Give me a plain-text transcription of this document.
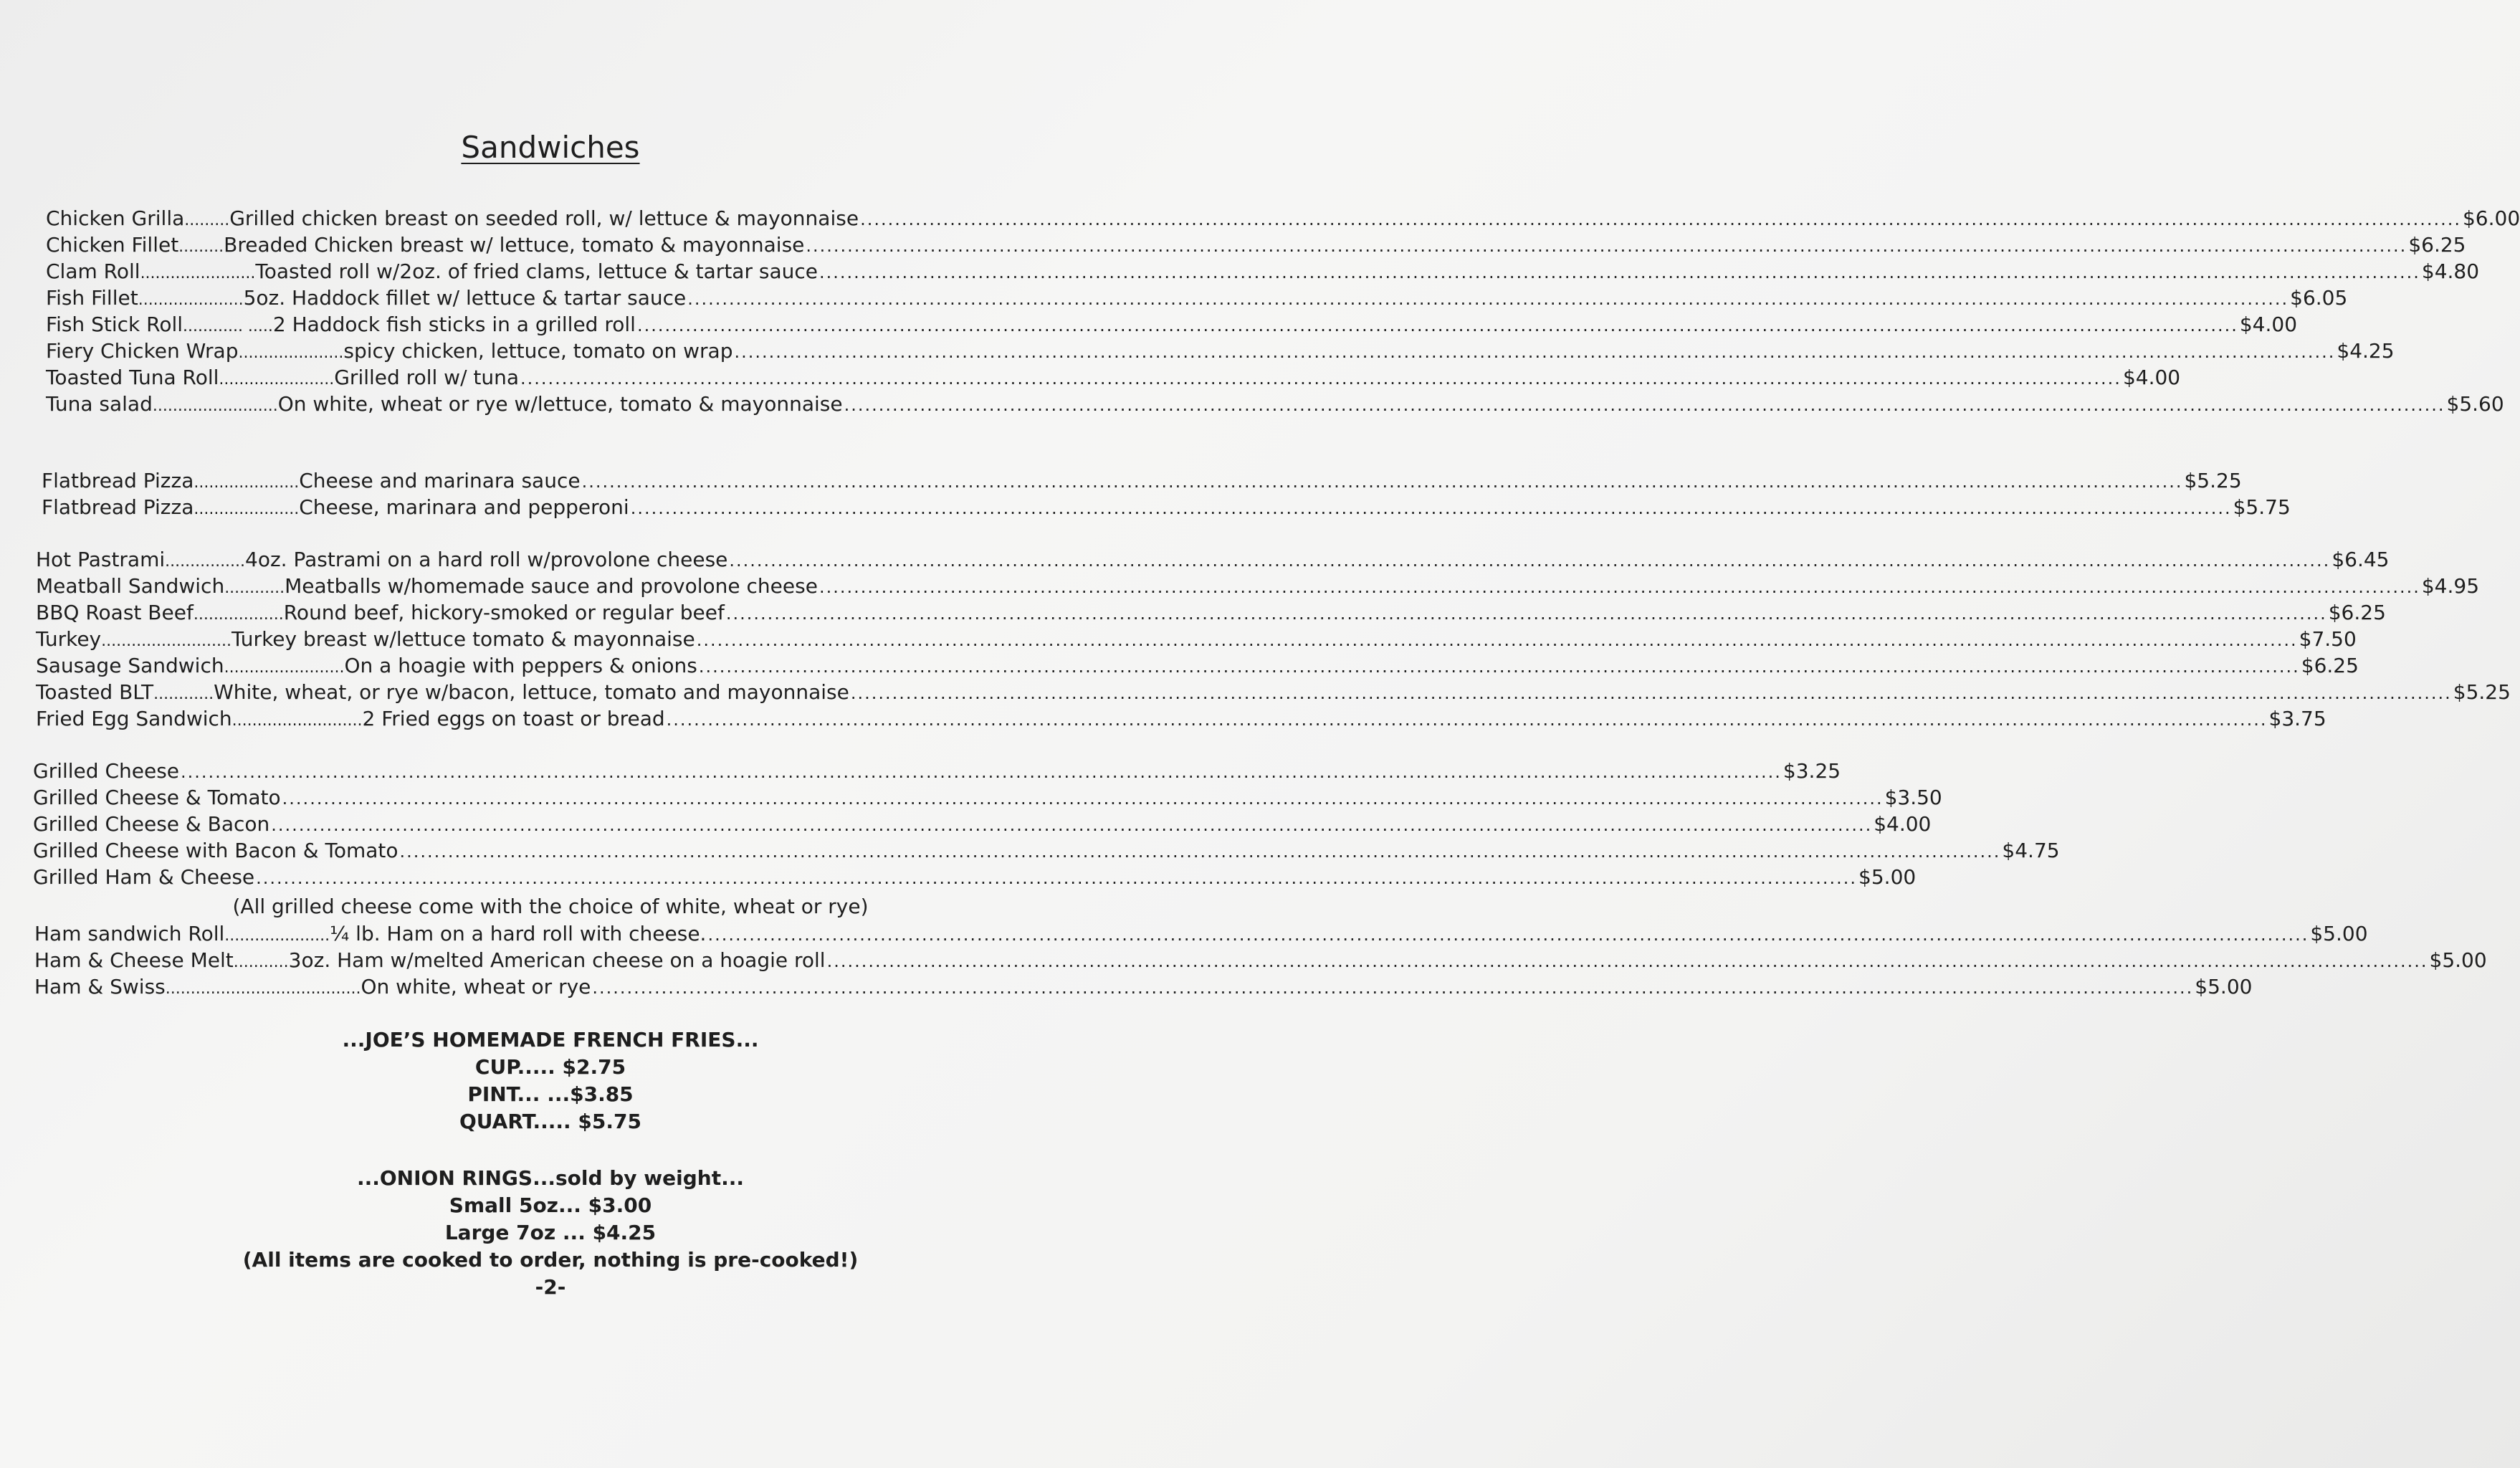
Sandwiches
Chicken Grilla ......... Grilled chicken breast on seeded roll, w/ lettuce & mayonnaise .....	$6.00
Chicken Fillet ......... Breaded Chicken breast w/ lettuce, tomato & mayonnaise .....	$6.25
Clam Roll ....................... Toasted roll w/2oz. of fried clams, lettuce & tartar sauce .....	$4.80
Fish Fillet ..................... 5oz. Haddock fillet w/ lettuce & tartar sauce .....	$6.05
Fish Stick Roll ............ ..... 2 Haddock fish sticks in a grilled roll .....	$4.00
Fiery Chicken Wrap ..................... spicy chicken, lettuce, tomato on wrap .....	$4.25
Toasted Tuna Roll ....................... Grilled roll w/ tuna .....	$4.00
Tuna salad ......................... On white, wheat or rye w/lettuce, tomato & mayonnaise .....	$5.60
Flatbread Pizza ..................... Cheese and marinara sauce .....	$5.25
Flatbread Pizza ..................... Cheese, marinara and pepperoni .....	$5.75
Hot Pastrami ................ 4oz. Pastrami on a hard roll w/provolone cheese .....	$6.45
Meatball Sandwich ............ Meatballs w/homemade sauce and provolone cheese .....	$4.95
BBQ Roast Beef .................. Round beef, hickory-smoked or regular beef .....	$6.25
Turkey .......................... Turkey breast w/lettuce tomato & mayonnaise .....	$7.50
Sausage Sandwich ........................ On a hoagie with peppers & onions .....	$6.25
Toasted BLT ............ White, wheat, or rye w/bacon, lettuce, tomato and mayonnaise .....	$5.25
Fried Egg Sandwich .......................... 2 Fried eggs on toast or bread .....	$3.75
Grilled Cheese .....	$3.25
Grilled Cheese & Tomato .....	$3.50
Grilled Cheese & Bacon .....	$4.00
Grilled Cheese with Bacon & Tomato .....	$4.75
Grilled Ham & Cheese .....	$5.00
(All grilled cheese come with the choice of white, wheat or rye)
Ham sandwich Roll ..................... ¼ lb. Ham on a hard roll with cheese. .....	$5.00
Ham & Cheese Melt ........... 3oz. Ham w/melted American cheese on a hoagie roll .....	$5.00
Ham & Swiss ....................................... On white, wheat or rye .....	$5.00
...JOE’S HOMEMADE FRENCH FRIES...
CUP..... $2.75
PINT... ...$3.85
QUART..... $5.75
...ONION RINGS...sold by weight...
Small 5oz... $3.00
Large 7oz ... $4.25
(All items are cooked to order, nothing is pre-cooked!)
-2-
